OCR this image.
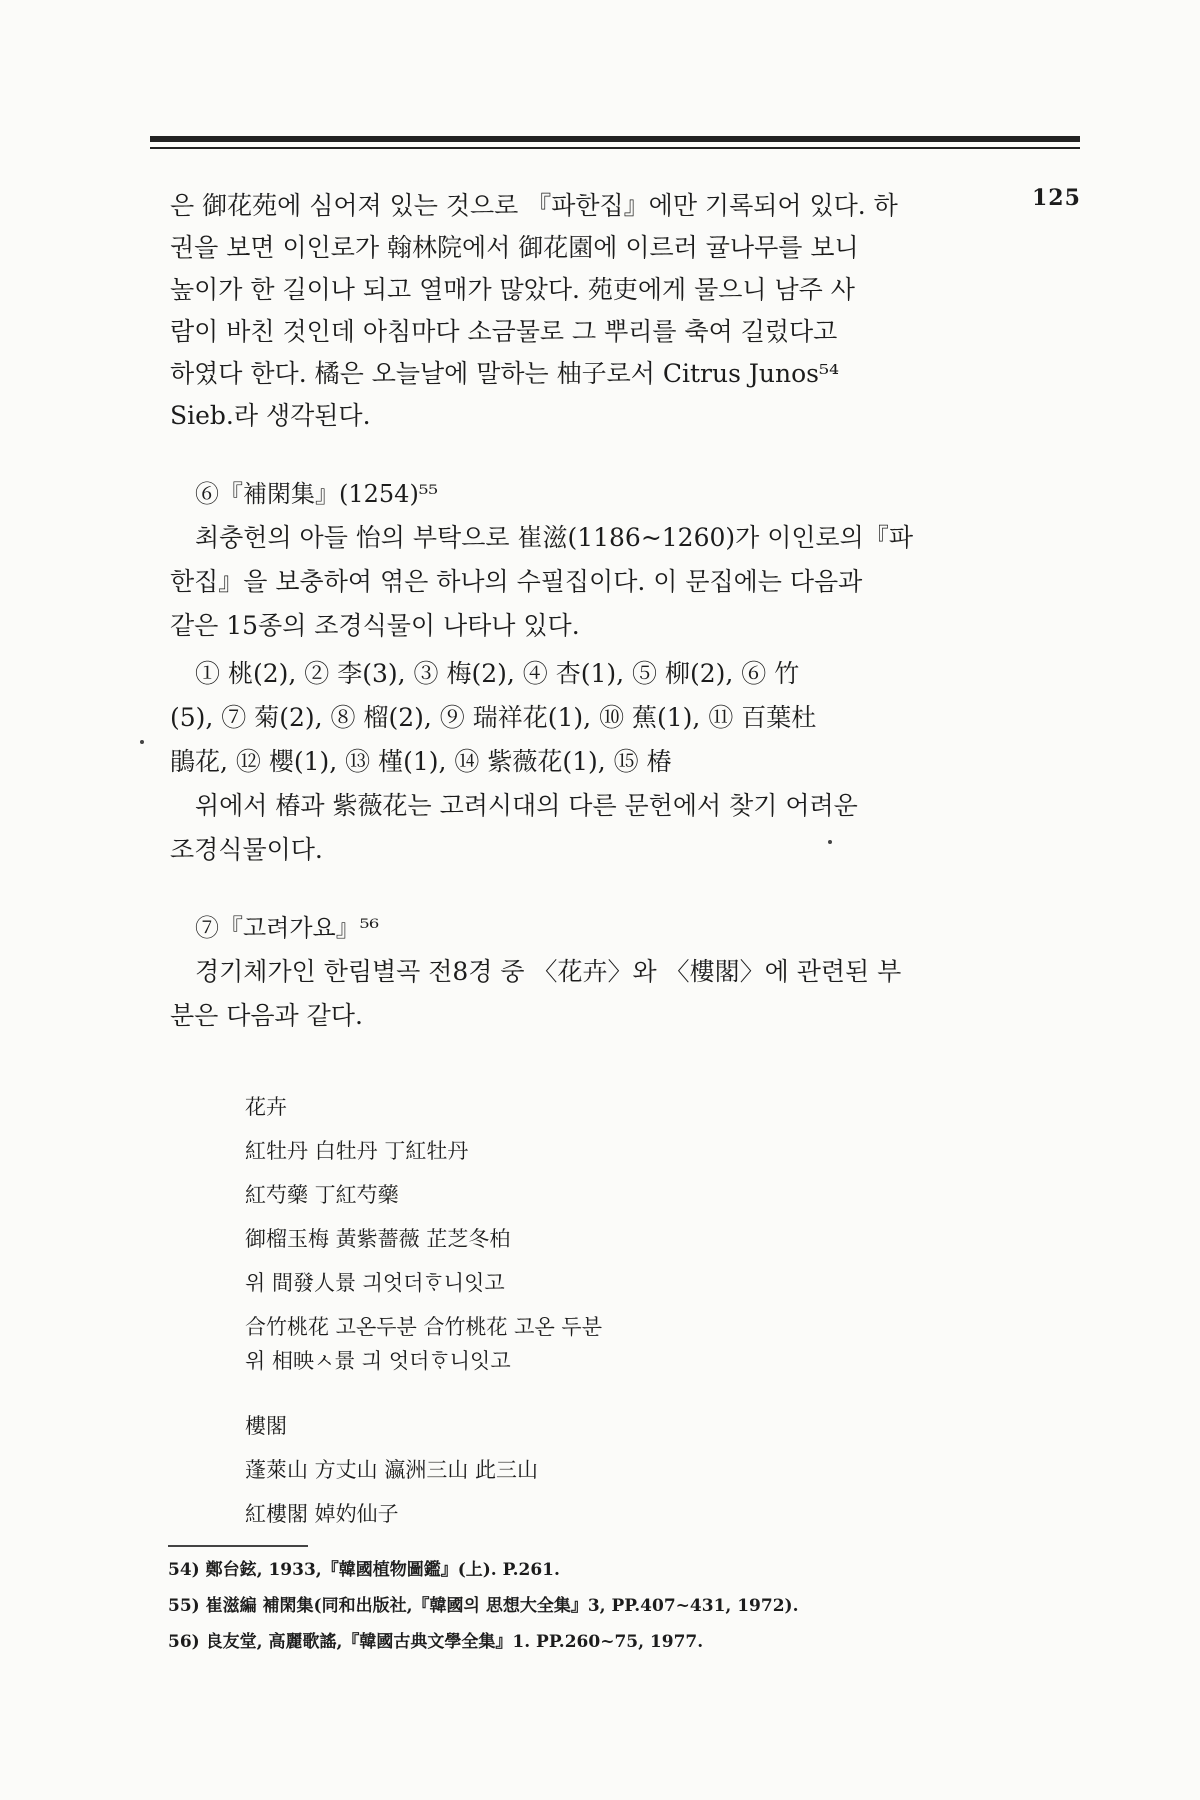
125
은 御花苑에 심어져 있는 것으로 『파한집』에만 기록되어 있다. 하
권을 보면 이인로가 翰林院에서 御花園에 이르러 귤나무를 보니
높이가 한 길이나 되고 열매가 많았다. 苑吏에게 물으니 남주 사
람이 바친 것인데 아침마다 소금물로 그 뿌리를 축여 길렀다고
하였다 한다. 橘은 오늘날에 말하는 柚子로서 Citrus Junos⁵⁴
Sieb.라 생각된다.
⑥『補閑集』(1254)⁵⁵
최충헌의 아들 怡의 부탁으로 崔滋(1186~1260)가 이인로의『파
한집』을 보충하여 엮은 하나의 수필집이다. 이 문집에는 다음과
같은 15종의 조경식물이 나타나 있다.
① 桃(2), ② 李(3), ③ 梅(2), ④ 杏(1), ⑤ 柳(2), ⑥ 竹
(5), ⑦ 菊(2), ⑧ 榴(2), ⑨ 瑞祥花(1), ⑩ 蕉(1), ⑪ 百葉杜
鵑花, ⑫ 櫻(1), ⑬ 槿(1), ⑭ 紫薇花(1), ⑮ 椿
위에서 椿과 紫薇花는 고려시대의 다른 문헌에서 찾기 어려운
조경식물이다.
⑦『고려가요』⁵⁶
경기체가인 한림별곡 전8경 중 〈花卉〉와 〈樓閣〉에 관련된 부
분은 다음과 같다.
花卉
紅牡丹 白牡丹 丁紅牡丹
紅芍藥 丁紅芍藥
御榴玉梅 黃紫薔薇 芷芝冬柏
위 間發人景 긔엇더ᄒᆞ니잇고
合竹桃花 고온두분 合竹桃花 고온 두분
위 相映ㅅ景 긔 엇더ᄒᆞ니잇고
樓閣
蓬萊山 方丈山 瀛洲三山 此三山
紅樓閣 婥妁仙子
54) 鄭台鉉, 1933,『韓國植物圖鑑』(上). P.261.
55) 崔滋編 補閑集(同和出版社,『韓國의 思想大全集』3, PP.407~431, 1972).
56) 良友堂, 高麗歌謠,『韓國古典文學全集』1. PP.260~75, 1977.
